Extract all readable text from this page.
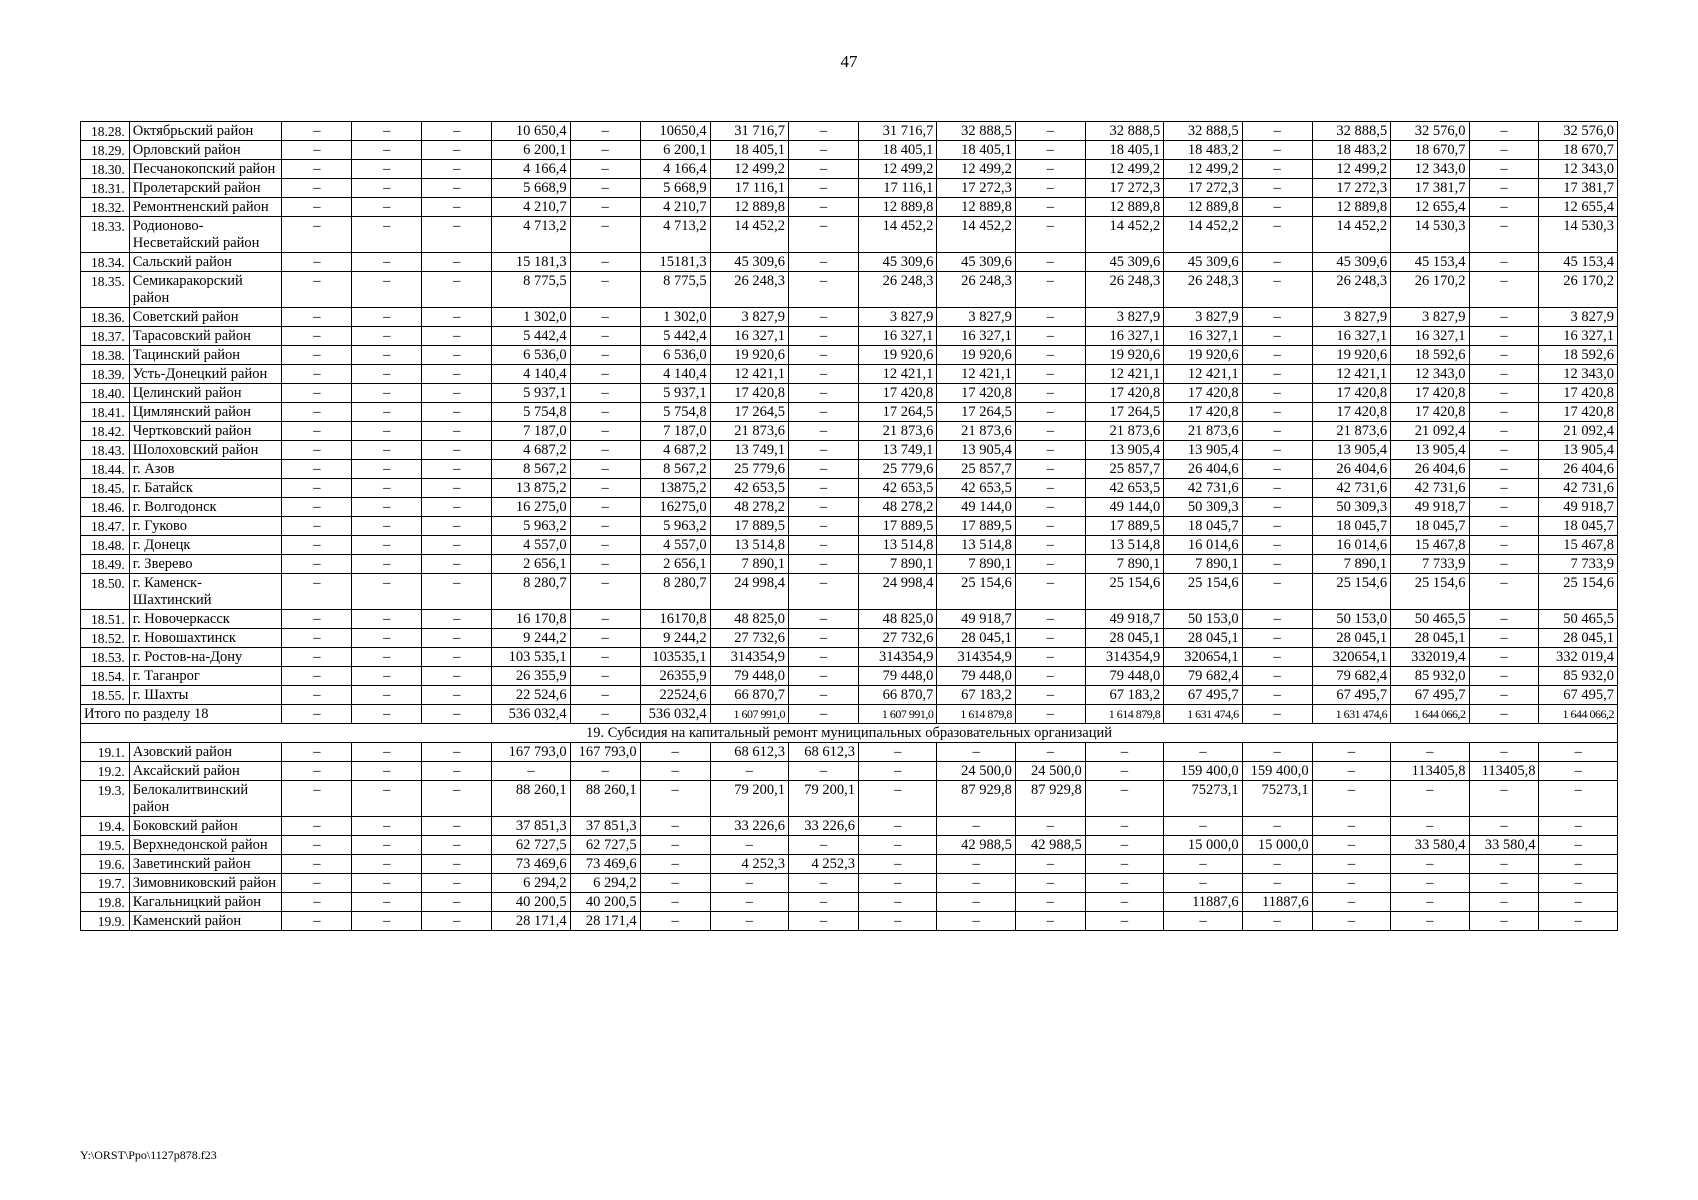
47
18.28.	Октябрьский район	–	–	–	10 650,4	–	10650,4	31 716,7	–	31 716,7	32 888,5	–	32 888,5	32 888,5	–	32 888,5	32 576,0	–	32 576,0
18.29.	Орловский район	–	–	–	6 200,1	–	6 200,1	18 405,1	–	18 405,1	18 405,1	–	18 405,1	18 483,2	–	18 483,2	18 670,7	–	18 670,7
18.30.	Песчанокопский район	–	–	–	4 166,4	–	4 166,4	12 499,2	–	12 499,2	12 499,2	–	12 499,2	12 499,2	–	12 499,2	12 343,0	–	12 343,0
18.31.	Пролетарский район	–	–	–	5 668,9	–	5 668,9	17 116,1	–	17 116,1	17 272,3	–	17 272,3	17 272,3	–	17 272,3	17 381,7	–	17 381,7
18.32.	Ремонтненский район	–	–	–	4 210,7	–	4 210,7	12 889,8	–	12 889,8	12 889,8	–	12 889,8	12 889,8	–	12 889,8	12 655,4	–	12 655,4
18.33.	Родионово-Несветайский район	–	–	–	4 713,2	–	4 713,2	14 452,2	–	14 452,2	14 452,2	–	14 452,2	14 452,2	–	14 452,2	14 530,3	–	14 530,3
18.34.	Сальский район	–	–	–	15 181,3	–	15181,3	45 309,6	–	45 309,6	45 309,6	–	45 309,6	45 309,6	–	45 309,6	45 153,4	–	45 153,4
18.35.	Семикаракорский район	–	–	–	8 775,5	–	8 775,5	26 248,3	–	26 248,3	26 248,3	–	26 248,3	26 248,3	–	26 248,3	26 170,2	–	26 170,2
18.36.	Советский район	–	–	–	1 302,0	–	1 302,0	3 827,9	–	3 827,9	3 827,9	–	3 827,9	3 827,9	–	3 827,9	3 827,9	–	3 827,9
18.37.	Тарасовский район	–	–	–	5 442,4	–	5 442,4	16 327,1	–	16 327,1	16 327,1	–	16 327,1	16 327,1	–	16 327,1	16 327,1	–	16 327,1
18.38.	Тацинский район	–	–	–	6 536,0	–	6 536,0	19 920,6	–	19 920,6	19 920,6	–	19 920,6	19 920,6	–	19 920,6	18 592,6	–	18 592,6
18.39.	Усть-Донецкий район	–	–	–	4 140,4	–	4 140,4	12 421,1	–	12 421,1	12 421,1	–	12 421,1	12 421,1	–	12 421,1	12 343,0	–	12 343,0
18.40.	Целинский район	–	–	–	5 937,1	–	5 937,1	17 420,8	–	17 420,8	17 420,8	–	17 420,8	17 420,8	–	17 420,8	17 420,8	–	17 420,8
18.41.	Цимлянский район	–	–	–	5 754,8	–	5 754,8	17 264,5	–	17 264,5	17 264,5	–	17 264,5	17 420,8	–	17 420,8	17 420,8	–	17 420,8
18.42.	Чертковский район	–	–	–	7 187,0	–	7 187,0	21 873,6	–	21 873,6	21 873,6	–	21 873,6	21 873,6	–	21 873,6	21 092,4	–	21 092,4
18.43.	Шолоховский район	–	–	–	4 687,2	–	4 687,2	13 749,1	–	13 749,1	13 905,4	–	13 905,4	13 905,4	–	13 905,4	13 905,4	–	13 905,4
18.44.	г. Азов	–	–	–	8 567,2	–	8 567,2	25 779,6	–	25 779,6	25 857,7	–	25 857,7	26 404,6	–	26 404,6	26 404,6	–	26 404,6
18.45.	г. Батайск	–	–	–	13 875,2	–	13875,2	42 653,5	–	42 653,5	42 653,5	–	42 653,5	42 731,6	–	42 731,6	42 731,6	–	42 731,6
18.46.	г. Волгодонск	–	–	–	16 275,0	–	16275,0	48 278,2	–	48 278,2	49 144,0	–	49 144,0	50 309,3	–	50 309,3	49 918,7	–	49 918,7
18.47.	г. Гуково	–	–	–	5 963,2	–	5 963,2	17 889,5	–	17 889,5	17 889,5	–	17 889,5	18 045,7	–	18 045,7	18 045,7	–	18 045,7
18.48.	г. Донецк	–	–	–	4 557,0	–	4 557,0	13 514,8	–	13 514,8	13 514,8	–	13 514,8	16 014,6	–	16 014,6	15 467,8	–	15 467,8
18.49.	г. Зверево	–	–	–	2 656,1	–	2 656,1	7 890,1	–	7 890,1	7 890,1	–	7 890,1	7 890,1	–	7 890,1	7 733,9	–	7 733,9
18.50.	г. Каменск-Шахтинский	–	–	–	8 280,7	–	8 280,7	24 998,4	–	24 998,4	25 154,6	–	25 154,6	25 154,6	–	25 154,6	25 154,6	–	25 154,6
18.51.	г. Новочеркасск	–	–	–	16 170,8	–	16170,8	48 825,0	–	48 825,0	49 918,7	–	49 918,7	50 153,0	–	50 153,0	50 465,5	–	50 465,5
18.52.	г. Новошахтинск	–	–	–	9 244,2	–	9 244,2	27 732,6	–	27 732,6	28 045,1	–	28 045,1	28 045,1	–	28 045,1	28 045,1	–	28 045,1
18.53.	г. Ростов-на-Дону	–	–	–	103 535,1	–	103535,1	314354,9	–	314354,9	314354,9	–	314354,9	320654,1	–	320654,1	332019,4	–	332 019,4
18.54.	г. Таганрог	–	–	–	26 355,9	–	26355,9	79 448,0	–	79 448,0	79 448,0	–	79 448,0	79 682,4	–	79 682,4	85 932,0	–	85 932,0
18.55.	г. Шахты	–	–	–	22 524,6	–	22524,6	66 870,7	–	66 870,7	67 183,2	–	67 183,2	67 495,7	–	67 495,7	67 495,7	–	67 495,7
Итого по разделу 18		–	–	–	536 032,4	–	536 032,4	1 607 991,0	–	1 607 991,0	1 614 879,8	–	1 614 879,8	1 631 474,6	–	1 631 474,6	1 644 066,2	–	1 644 066,2
19. Субсидия на капитальный ремонт муниципальных образовательных организаций																			
19.1.	Азовский район	–	–	–	167 793,0	167 793,0	–	68 612,3	68 612,3	–	–	–	–	–	–	–	–	–	–
19.2.	Аксайский район	–	–	–	–	–	–	–	–	–	24 500,0	24 500,0	–	159 400,0	159 400,0	–	113405,8	113405,8	–
19.3.	Белокалитвинский район	–	–	–	88 260,1	88 260,1	–	79 200,1	79 200,1	–	87 929,8	87 929,8	–	75273,1	75273,1	–	–	–	–
19.4.	Боковский район	–	–	–	37 851,3	37 851,3	–	33 226,6	33 226,6	–	–	–	–	–	–	–	–	–	–
19.5.	Верхнедонской район	–	–	–	62 727,5	62 727,5	–	–	–	–	42 988,5	42 988,5	–	15 000,0	15 000,0	–	33 580,4	33 580,4	–
19.6.	Заветинский район	–	–	–	73 469,6	73 469,6	–	4 252,3	4 252,3	–	–	–	–	–	–	–	–	–	–
19.7.	Зимовниковский район	–	–	–	6 294,2	6 294,2	–	–	–	–	–	–	–	–	–	–	–	–	–
19.8.	Кагальницкий район	–	–	–	40 200,5	40 200,5	–	–	–	–	–	–	–	11887,6	11887,6	–	–	–	–
19.9.	Каменский район	–	–	–	28 171,4	28 171,4	–	–	–	–	–	–	–	–	–	–	–	–	–
Y:\ORST\Ppo\1127p878.f23
